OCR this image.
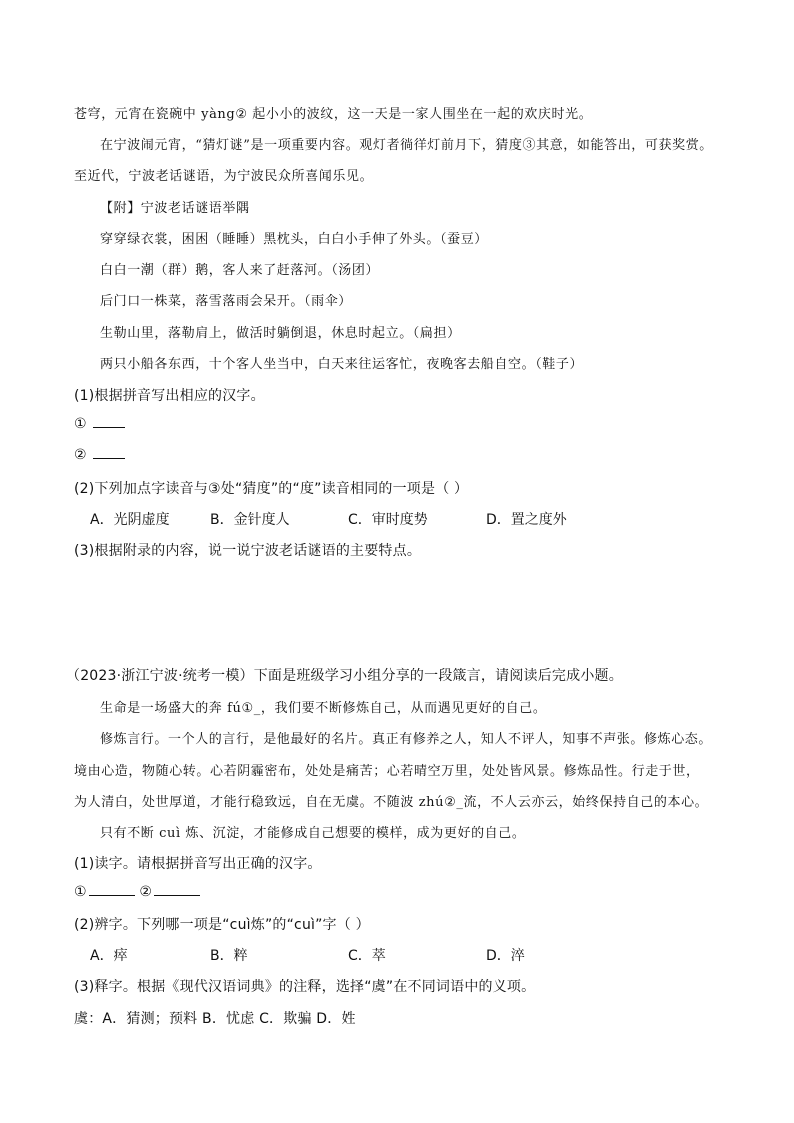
苍穹，元宵在瓷碗中 yàng② 起小小的波纹，这一天是一家人围坐在一起的欢庆时光。
在宁波闹元宵，“猜灯谜”是一项重要内容。观灯者徜徉灯前月下，猜度③其意，如能答出，可获奖赏。
至近代，宁波老话谜语，为宁波民众所喜闻乐见。
【附】宁波老话谜语举隅
穿穿绿衣裳，困困（睡睡）黑枕头，白白小手伸了外头。（蚕豆）
白白一潮（群）鹅，客人来了赶落河。（汤团）
后门口一株菜，落雪落雨会呆开。（雨伞）
生勒山里，落勒肩上，做活时躺倒退，休息时起立。（扁担）
两只小船各东西，十个客人坐当中，白天来往运客忙，夜晚客去船自空。（鞋子）
(1)根据拼音写出相应的汉字。
①
②
(2)下列加点字读音与③处“猜度”的“度”读音相同的一项是（ ）
A．光阴虚度	B．金针度人	C．审时度势	D．置之度外
(3)根据附录的内容，说一说宁波老话谜语的主要特点。
（2023·浙江宁波·统考一模）下面是班级学习小组分享的一段箴言，请阅读后完成小题。
生命是一场盛大的奔 fú①_，我们要不断修炼自己，从而遇见更好的自己。
修炼言行。一个人的言行，是他最好的名片。真正有修养之人，知人不评人，知事不声张。修炼心态。
境由心造，物随心转。心若阴霾密布，处处是痛苦；心若晴空万里，处处皆风景。修炼品性。行走于世，
为人清白，处世厚道，才能行稳致远，自在无虞。不随波 zhú②_流，不人云亦云，始终保持自己的本心。
只有不断 cuì 炼、沉淀，才能修成自己想要的模样，成为更好的自己。
(1)读字。请根据拼音写出正确的汉字。
①	②
(2)辨字。下列哪一项是“cuì炼”的“cuì”字（ ）
A．瘁	B．粹	C．萃	D．淬
(3)释字。根据《现代汉语词典》的注释，选择“虞”在不同词语中的义项。
虞：A．猜测；预料 B．忧虑 C．欺骗 D．姓
